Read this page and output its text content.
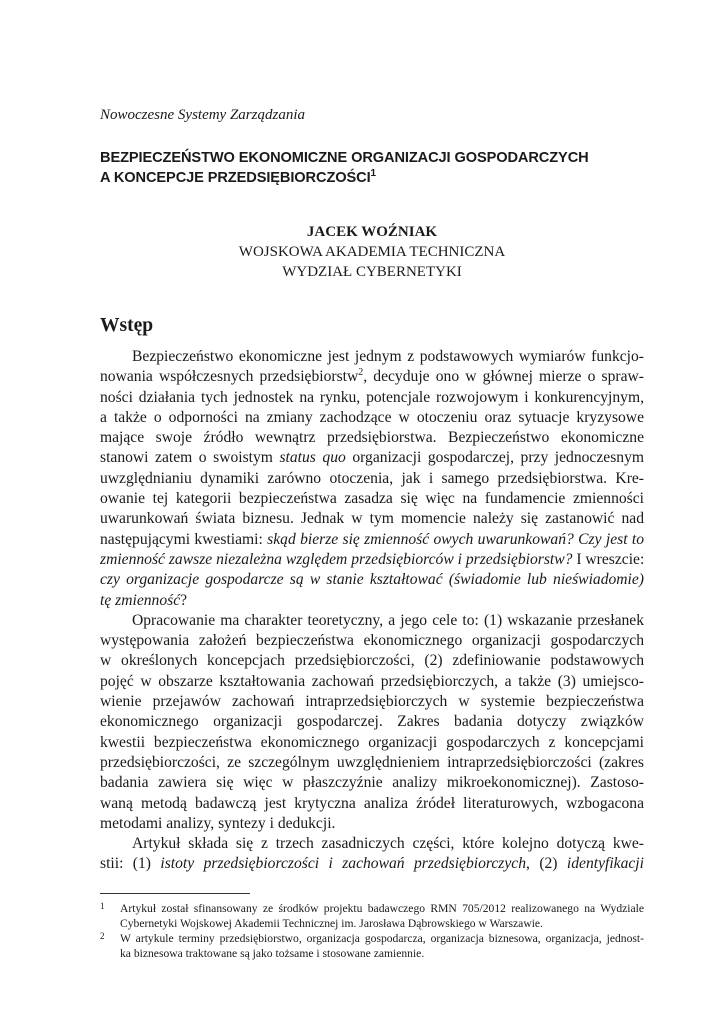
Nowoczesne Systemy Zarządzania
BEZPIECZEŃSTWO EKONOMICZNE ORGANIZACJI GOSPODARCZYCH
A KONCEPCJE PRZEDSIĘBIORCZOŚCI$^1$
JACEK WOŹNIAK
WOJSKOWA AKADEMIA TECHNICZNA
WYDZIAŁ CYBERNETYKI
Wstęp
Bezpieczeństwo ekonomiczne jest jednym z podstawowych wymiarów funkcjo-
nowania współczesnych przedsiębiorstw$^2$, decyduje ono w głównej mierze o spraw-
ności działania tych jednostek na rynku, potencjale rozwojowym i konkurencyjnym,
a także o odporności na zmiany zachodzące w otoczeniu oraz sytuacje kryzysowe
mające swoje źródło wewnątrz przedsiębiorstwa. Bezpieczeństwo ekonomiczne
stanowi zatem o swoistym status quo organizacji gospodarczej, przy jednoczesnym
uwzględnianiu dynamiki zarówno otoczenia, jak i samego przedsiębiorstwa. Kre-
owanie tej kategorii bezpieczeństwa zasadza się więc na fundamencie zmienności
uwarunkowań świata biznesu. Jednak w tym momencie należy się zastanowić nad
następującymi kwestiami: skąd bierze się zmienność owych uwarunkowań? Czy jest to
zmienność zawsze niezależna względem przedsiębiorców i przedsiębiorstw? I wreszcie:
czy organizacje gospodarcze są w stanie kształtować (świadomie lub nieświadomie)
tę zmienność?
Opracowanie ma charakter teoretyczny, a jego cele to: (1) wskazanie przesłanek
występowania założeń bezpieczeństwa ekonomicznego organizacji gospodarczych
w określonych koncepcjach przedsiębiorczości, (2) zdefiniowanie podstawowych
pojęć w obszarze kształtowania zachowań przedsiębiorczych, a także (3) umiejsco-
wienie przejawów zachowań intraprzedsiębiorczych w systemie bezpieczeństwa
ekonomicznego organizacji gospodarczej. Zakres badania dotyczy związków
kwestii bezpieczeństwa ekonomicznego organizacji gospodarczych z koncepcjami
przedsiębiorczości, ze szczególnym uwzględnieniem intraprzedsiębiorczości (zakres
badania zawiera się więc w płaszczyźnie analizy mikroekonomicznej). Zastoso-
waną metodą badawczą jest krytyczna analiza źródeł literaturowych, wzbogacona
metodami analizy, syntezy i dedukcji.
Artykuł składa się z trzech zasadniczych części, które kolejno dotyczą kwe-
stii: (1) istoty przedsiębiorczości i zachowań przedsiębiorczych, (2) identyfikacji
1 Artykuł został sfinansowany ze środków projektu badawczego RMN 705/2012 realizowanego na Wydziale
Cybernetyki Wojskowej Akademii Technicznej im. Jarosława Dąbrowskiego w Warszawie.
2 W artykule terminy przedsiębiorstwo, organizacja gospodarcza, organizacja biznesowa, organizacja, jednost-
ka biznesowa traktowane są jako tożsame i stosowane zamiennie.
